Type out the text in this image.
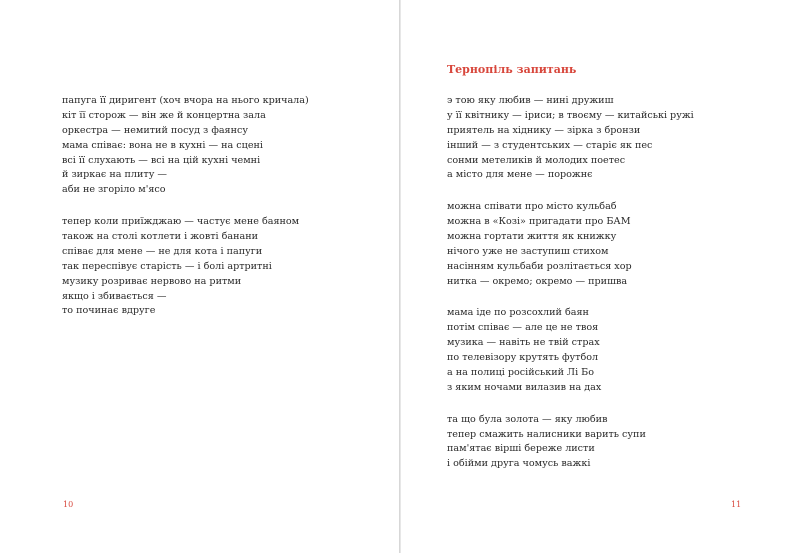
папуга її диригент (хоч вчора на нього кричала)
кіт її сторож — він же й концертна зала
оркестра — немитий посуд з фаянсу
мама співає: вона не в кухні — на сцені
всі її слухають — всі на цій кухні чемні
й зиркає на плиту —
аби не згоріло м'ясо
тепер коли приїжджаю — частує мене баяном
також на столі котлети і жовті банани
співає для мене — не для кота і папуги
так переспівує старість — і болі артритні
музику розриває нервово на ритми
якщо і збивається —
то починає вдруге
10
Тернопіль запитань
э тою яку любив — нині дружиш
у її квітнику — іриси; в твоєму — китайські ружі
приятель на хіднику — зірка з бронзи
інший — з студентських — старіє як пес
сонми метеликів й молодих поетес
а місто для мене — порожнє
можна співати про місто кульбаб
можна в «Козі» пригадати про БАМ
можна гортати життя як книжку
нічого уже не заступиш стихом
насінням кульбаби розлітається хор
нитка — окремо; окремо — пришва
мама іде по розсохлий баян
потім співає — але це не твоя
музика — навіть не твій страх
по телевізору крутять футбол
а на полиці російський Лі Бо
з яким ночами вилазив на дах
та що була золота — яку любив
тепер смажить налисники варить супи
пам'ятає вірші береже листи
і обійми друга чомусь важкі
11
